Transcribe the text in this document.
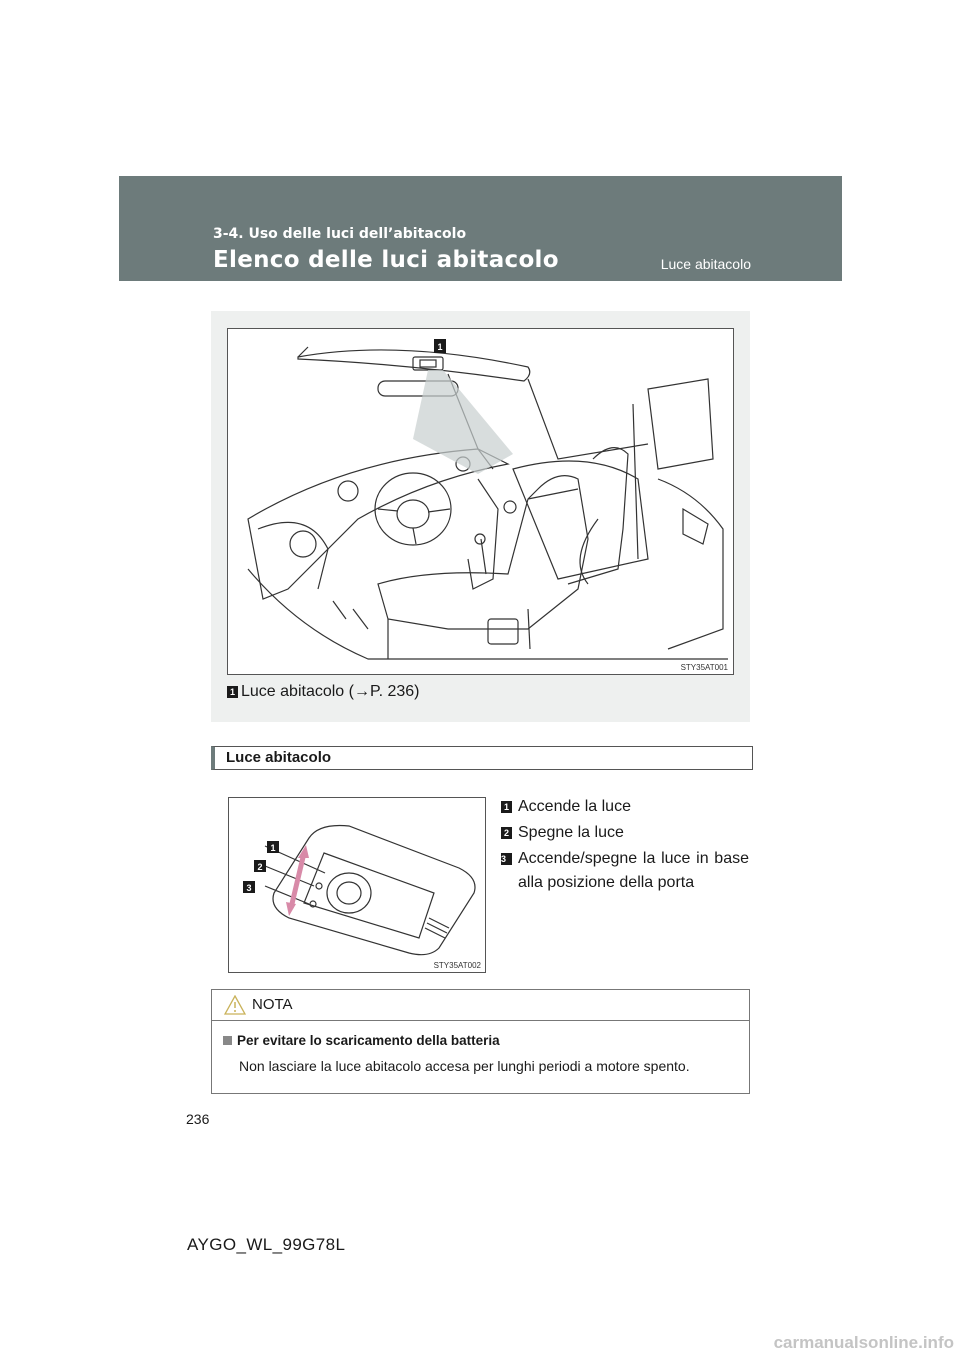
3-4. Uso delle luci dell’abitacolo
Elenco delle luci abitacolo	Luce abitacolo
1
STY35AT001
1 Luce abitacolo (→P. 236)
Luce abitacolo
1
2
3
STY35AT002
1 Accende la luce
2 Spegne la luce
3 Accende/spegne la luce in base alla posizione della porta
NOTA
Per evitare lo scaricamento della batteria
Non lasciare la luce abitacolo accesa per lunghi periodi a motore spento.
236
AYGO_WL_99G78L
carmanualsonline.info
